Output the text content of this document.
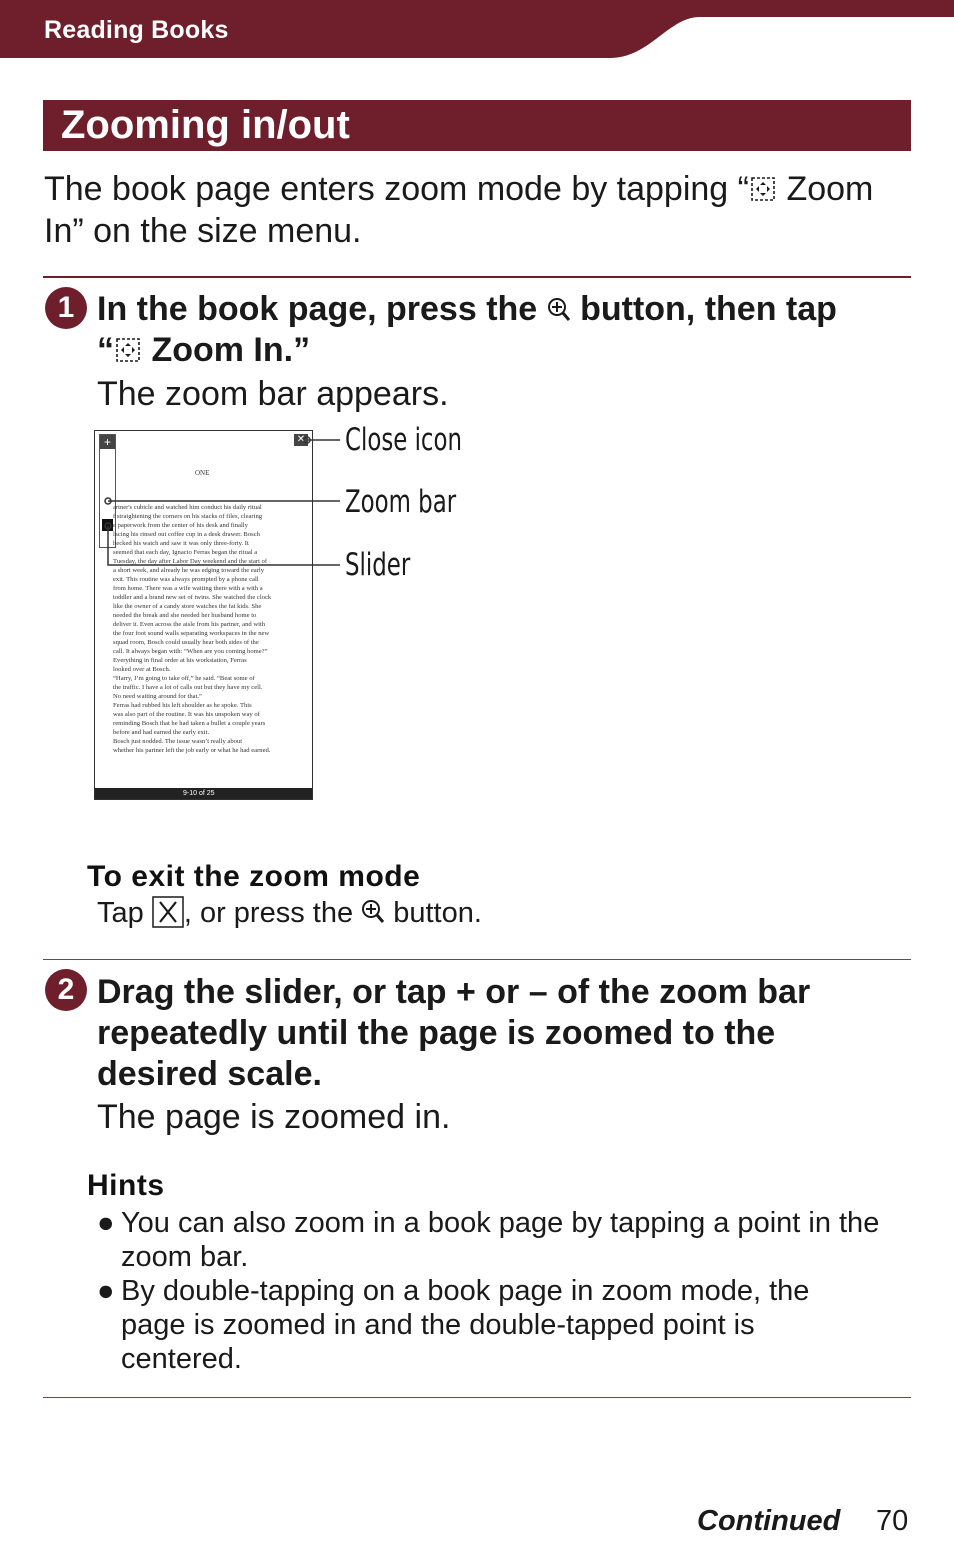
Reading Books
Zooming in/out
The book page enters zoom mode by tapping “ Zoom In” on the size menu.
1 In the book page, press the  button, then tap
“ Zoom In.”
The zoom bar appears.
+	✕
ONE
artner's cubicle and watched him conduct his daily ritual
f straightening the corners on his stacks of files, clearing
e paperwork from the center of his desk and finally
lacing his rinsed out coffee cup in a desk drawer. Bosch
hecked his watch and saw it was only three-forty. It
seemed that each day, Ignacio Ferras began the ritual a
Tuesday, the day after Labor Day weekend and the start of
a short week, and already he was edging toward the early
exit. This routine was always prompted by a phone call
from home. There was a wife waiting there with a with a
toddler and a brand new set of twins. She watched the clock
like the owner of a candy store watches the fat kids. She
needed the break and she needed her husband home to
deliver it. Even across the aisle from his partner, and with
the four foot sound walls separating workspaces in the new
squad room, Bosch could usually hear both sides of the
call. It always began with: “When are you coming home?”
Everything in final order at his workstation, Ferras
looked over at Bosch.
“Harry, I’m going to take off,” he said. “Beat some of
the traffic. I have a lot of calls out but they have my cell.
No need waiting around for that.”
Ferras had rubbed his left shoulder as he spoke. This
was also part of the routine. It was his unspoken way of
reminding Bosch that he had taken a bullet a couple years
before and had earned the early exit.
Bosch just nodded. The issue wasn’t really about
whether his partner left the job early or what he had earned.
9-10 of 25
Close icon
Zoom bar
Slider
To exit the zoom mode
Tap , or press the  button.
2 Drag the slider, or tap + or – of the zoom bar
repeatedly until the page is zoomed to the
desired scale.
The page is zoomed in.
Hints
● You can also zoom in a book page by tapping a point in the
zoom bar.
● By double-tapping on a book page in zoom mode, the
page is zoomed in and the double-tapped point is
centered.
Continued 70
